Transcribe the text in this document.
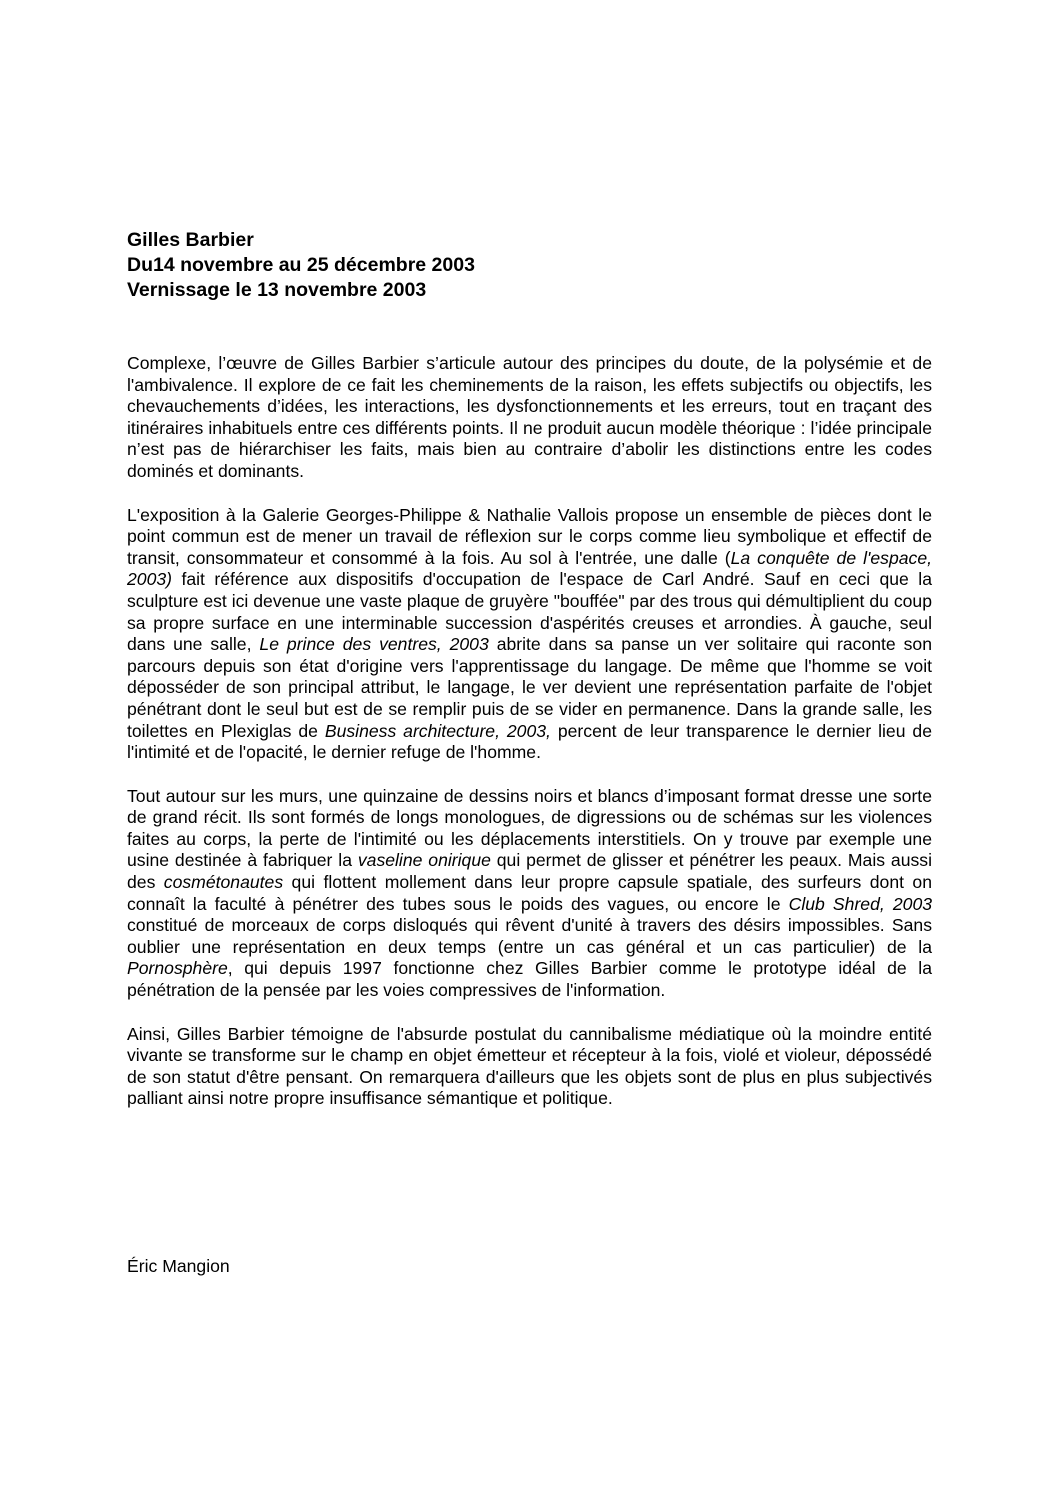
Gilles Barbier
Du14 novembre au 25 décembre 2003
Vernissage le 13 novembre 2003

Complexe, l’œuvre de Gilles Barbier s’articule autour des principes du doute, de la polysémie et de l'ambivalence. Il explore de ce fait les cheminements de la raison, les effets subjectifs ou objectifs, les chevauchements d’idées, les interactions, les dysfonctionnements et les erreurs, tout en traçant des itinéraires inhabituels entre ces différents points. Il ne produit aucun modèle théorique : l’idée principale n’est pas de hiérarchiser les faits, mais bien au contraire d’abolir les distinctions entre les codes dominés et dominants.

L'exposition à la Galerie Georges-Philippe & Nathalie Vallois propose un ensemble de pièces dont le point commun est de mener un travail de réflexion sur le corps comme lieu symbolique et effectif de transit, consommateur et consommé à la fois. Au sol à l'entrée, une dalle (La conquête de l'espace, 2003) fait référence aux dispositifs d'occupation de l'espace de Carl André. Sauf en ceci que la sculpture est ici devenue une vaste plaque de gruyère "bouffée" par des trous qui démultiplient du coup sa propre surface en une interminable succession d'aspérités creuses et arrondies. À gauche, seul dans une salle, Le prince des ventres, 2003 abrite dans sa panse un ver solitaire qui raconte son parcours depuis son état d'origine vers l'apprentissage du langage. De même que l'homme se voit déposséder de son principal attribut, le langage, le ver devient une représentation parfaite de l'objet pénétrant dont le seul but est de se remplir puis de se vider en permanence. Dans la grande salle, les toilettes en Plexiglas de Business architecture, 2003, percent de leur transparence le dernier lieu de l'intimité et de l'opacité, le dernier refuge de l'homme.

Tout autour sur les murs, une quinzaine de dessins noirs et blancs d’imposant format dresse une sorte de grand récit. Ils sont formés de longs monologues, de digressions ou de schémas sur les violences faites au corps, la perte de l'intimité ou les déplacements interstitiels. On y trouve par exemple une usine destinée à fabriquer la vaseline onirique qui permet de glisser et pénétrer les peaux. Mais aussi des cosmétonautes qui flottent mollement dans leur propre capsule spatiale, des surfeurs dont on connaît la faculté à pénétrer des tubes sous le poids des vagues, ou encore le Club Shred, 2003 constitué de morceaux de corps disloqués qui rêvent d'unité à travers des désirs impossibles. Sans oublier une représentation en deux temps (entre un cas général et un cas particulier) de la Pornosphère, qui depuis 1997 fonctionne chez Gilles Barbier comme le prototype idéal de la pénétration de la pensée par les voies compressives de l'information.

Ainsi, Gilles Barbier témoigne de l'absurde postulat du cannibalisme médiatique où la moindre entité vivante se transforme sur le champ en objet émetteur et récepteur à la fois, violé et violeur, dépossédé de son statut d'être pensant. On remarquera d'ailleurs que les objets sont de plus en plus subjectivés palliant ainsi notre propre insuffisance sémantique et politique.

Éric Mangion
